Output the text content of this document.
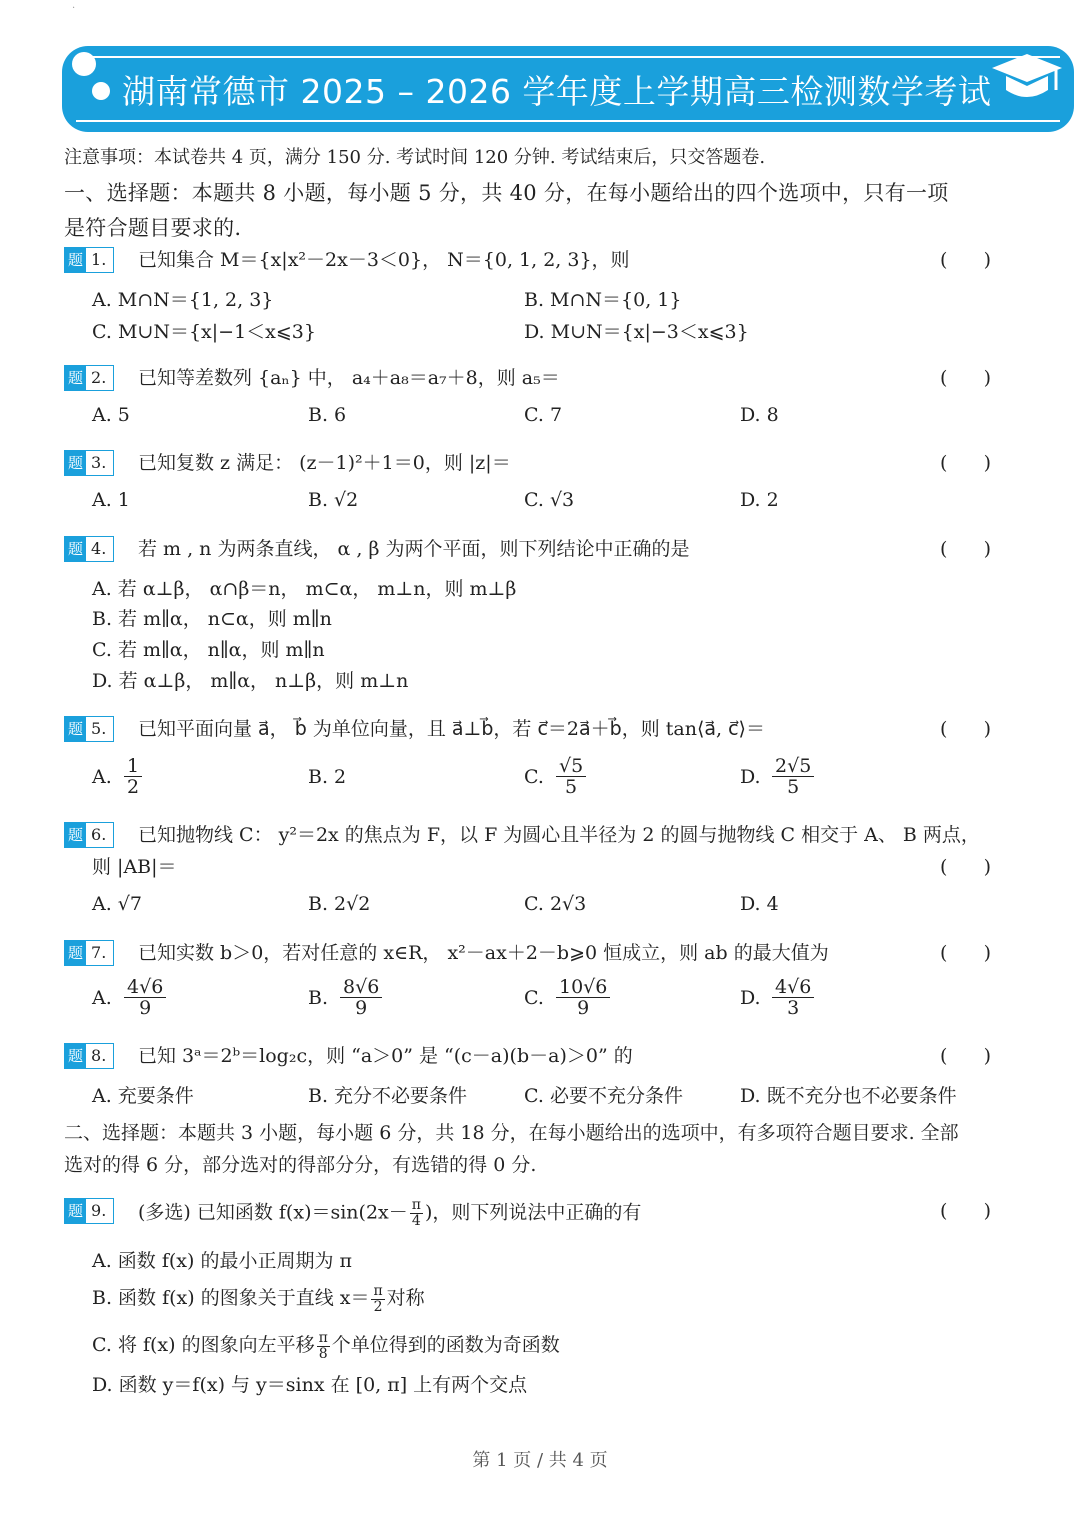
.
湖南常德市 2025 – 2026 学年度上学期高三检测数学考试
注意事项：本试卷共 4 页，满分 150 分. 考试时间 120 分钟. 考试结束后，只交答题卷.
一、选择题：本题共 8 小题，每小题 5 分，共 40 分，在每小题给出的四个选项中，只有一项
是符合题目要求的.
题 1.	已知集合 M＝{x|x²－2x－3＜0}， N＝{0, 1, 2, 3}，则	(      )
A. M∩N＝{1, 2, 3}	B. M∩N＝{0, 1}
C. M∪N＝{x|−1＜x⩽3}	D. M∪N＝{x|−3＜x⩽3}
题 2.	已知等差数列 {aₙ} 中， a₄＋a₈＝a₇＋8，则 a₅＝	(      )
A. 5	B. 6	C. 7	D. 8
题 3.	已知复数 z 满足： (z－1)²＋1＝0，则 |z|＝	(      )
A. 1	B. √2	C. √3	D. 2
题 4.	若 m , n 为两条直线， α , β 为两个平面，则下列结论中正确的是	(      )
A. 若 α⊥β， α∩β＝n， m⊂α， m⊥n，则 m⊥β
B. 若 m∥α， n⊂α，则 m∥n
C. 若 m∥α， n∥α，则 m∥n
D. 若 α⊥β， m∥α， n⊥β，则 m⊥n
题 5.	已知平面向量 a⃗， b⃗ 为单位向量，且 a⃗⊥b⃗，若 c⃗＝2a⃗＋b⃗，则 tan⟨a⃗, c⃗⟩＝	(      )
A. $\frac{1}{2}$	B. 2	C. $\frac{√5}{5}$	D. $\frac{2√5}{5}$
题 6.	已知抛物线 C： y²＝2x 的焦点为 F，以 F 为圆心且半径为 2 的圆与抛物线 C 相交于 A、 B 两点，
则 |AB|＝	(      )
A. √7	B. 2√2	C. 2√3	D. 4
题 7.	已知实数 b＞0，若对任意的 x∈R， x²－ax＋2－b⩾0 恒成立，则 ab 的最大值为	(      )
A. $\frac{4√6}{9}$	B. $\frac{8√6}{9}$	C. $\frac{10√6}{9}$	D. $\frac{4√6}{3}$
题 8.	已知 3ᵃ＝2ᵇ＝log₂c，则 “a＞0” 是 “(c－a)(b－a)＞0” 的	(      )
A. 充要条件	B. 充分不必要条件	C. 必要不充分条件	D. 既不充分也不必要条件
二、选择题：本题共 3 小题，每小题 6 分，共 18 分，在每小题给出的选项中，有多项符合题目要求. 全部
选对的得 6 分，部分选对的得部分分，有选错的得 0 分.
题 9.	(多选) 已知函数 $f(x)=\sin(2x- \frac{\pi}{4}$ )，则下列说法中正确的有	(      )
A. 函数 f(x) 的最小正周期为 π
B. 函数 f(x) 的图象关于直线 $x= \frac{\pi}{2}$ 对称
C. 将 f(x) 的图象向左平移 $\frac{\pi}{8}$ 个单位得到的函数为奇函数
D. 函数 y＝f(x) 与 y＝sinx 在 [0, π] 上有两个交点
第 1 页 / 共 4 页
